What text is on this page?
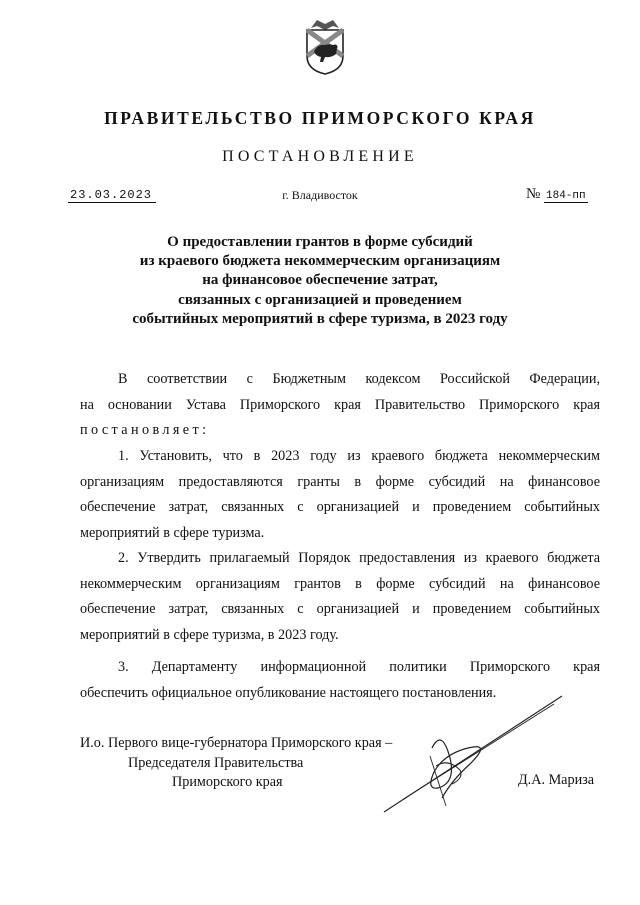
ПРАВИТЕЛЬСТВО ПРИМОРСКОГО КРАЯ
ПОСТАНОВЛЕНИЕ
23.03.2023	г. Владивосток	№ 184-пп
О предоставлении грантов в форме субсидий
из краевого бюджета некоммерческим организациям
на финансовое обеспечение затрат,
связанных с организацией и проведением
событийных мероприятий в сфере туризма, в 2023 году
В соответствии с Бюджетным кодексом Российской Федерации,
на основании Устава Приморского края Правительство Приморского края
постановляет:
1. Установить, что в 2023 году из краевого бюджета некоммерческим
организациям предоставляются гранты в форме субсидий на финансовое
обеспечение затрат, связанных с организацией и проведением событийных
мероприятий в сфере туризма.
2. Утвердить прилагаемый Порядок предоставления из краевого бюджета
некоммерческим организациям грантов в форме субсидий на финансовое
обеспечение затрат, связанных с организацией и проведением событийных
мероприятий в сфере туризма, в 2023 году.
3. Департаменту информационной политики Приморского края
обеспечить официальное опубликование настоящего постановления.
И.о. Первого вице-губернатора Приморского края –
Председателя Правительства
Приморского края	Д.А. Мариза
